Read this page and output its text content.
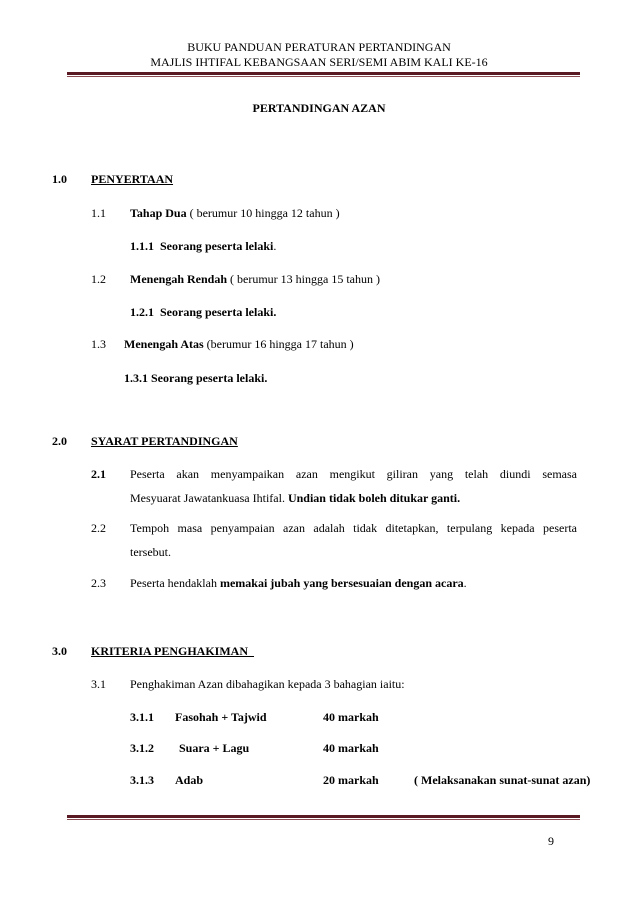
BUKU PANDUAN PERATURAN PERTANDINGAN
MAJLIS IHTIFAL KEBANGSAAN SERI/SEMI ABIM KALI KE-16
PERTANDINGAN AZAN
1.0 PENYERTAAN
1.1 Tahap Dua ( berumur 10 hingga 12 tahun )
1.1.1 Seorang peserta lelaki.
1.2 Menengah Rendah ( berumur 13 hingga 15 tahun )
1.2.1 Seorang peserta lelaki.
1.3 Menengah Atas (berumur 16 hingga 17 tahun )
1.3.1 Seorang peserta lelaki.
2.0 SYARAT PERTANDINGAN
2.1 Peserta akan menyampaikan azan mengikut giliran yang telah diundi semasa
Mesyuarat Jawatankuasa Ihtifal. Undian tidak boleh ditukar ganti.
2.2 Tempoh masa penyampaian azan adalah tidak ditetapkan, terpulang kepada peserta
tersebut.
2.3 Peserta hendaklah memakai jubah yang bersesuaian dengan acara.
3.0 KRITERIA PENGHAKIMAN
3.1 Penghakiman Azan dibahagikan kepada 3 bahagian iaitu:
3.1.1 Fasohah + Tajwid	40 markah
3.1.2 Suara + Lagu	40 markah
3.1.3 Adab	20 markah	( Melaksanakan sunat-sunat azan)
9
